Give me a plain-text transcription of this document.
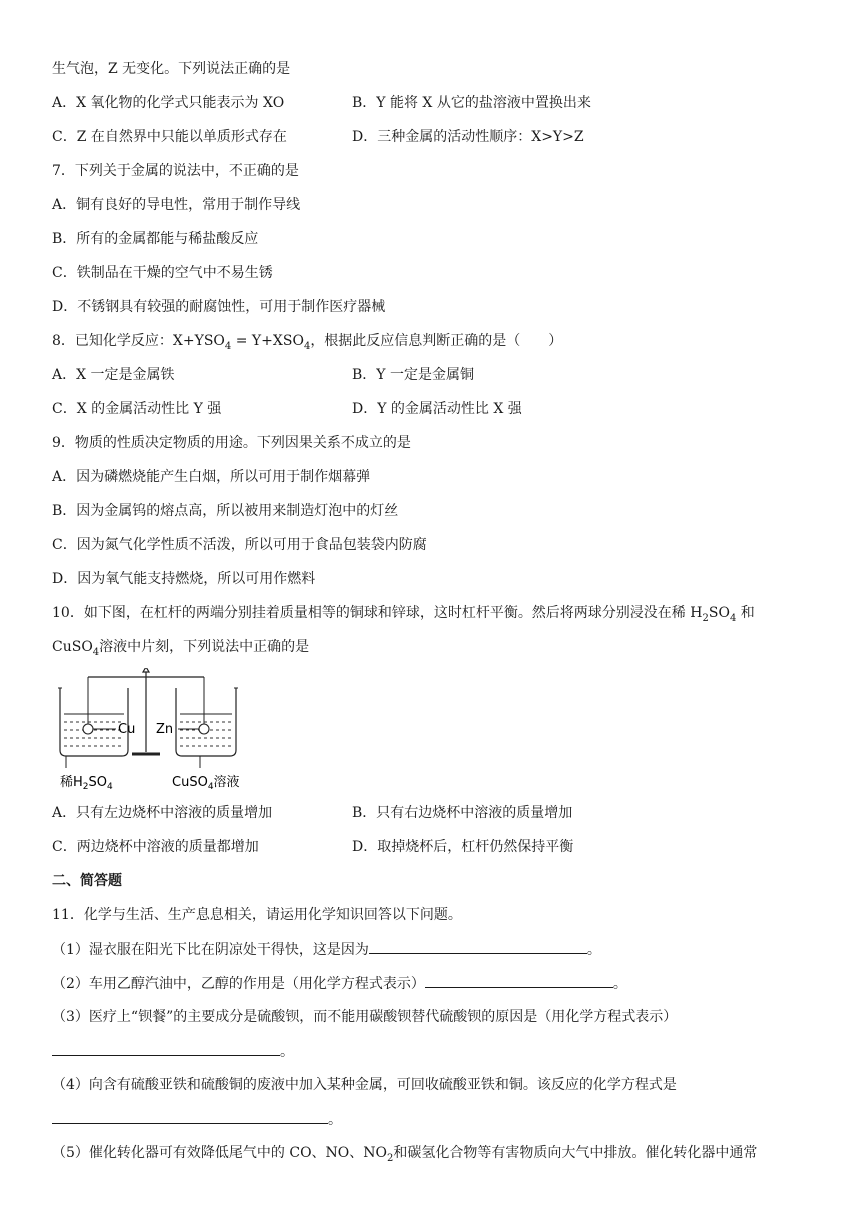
生气泡，Z 无变化。下列说法正确的是
A．X 氧化物的化学式只能表示为 XO	B．Y 能将 X 从它的盐溶液中置换出来
C．Z 在自然界中只能以单质形式存在	D．三种金属的活动性顺序：X>Y>Z
7．下列关于金属的说法中，不正确的是
A．铜有良好的导电性，常用于制作导线
B．所有的金属都能与稀盐酸反应
C．铁制品在干燥的空气中不易生锈
D．不锈钢具有较强的耐腐蚀性，可用于制作医疗器械
8．已知化学反应：$X+YSO_4 = Y+XSO_4$，根据此反应信息判断正确的是（　　）
A．X 一定是金属铁	B．Y 一定是金属铜
C．X 的金属活动性比 Y 强	D．Y 的金属活动性比 X 强
9．物质的性质决定物质的用途。下列因果关系不成立的是
A．因为磷燃烧能产生白烟，所以可用于制作烟幕弹
B．因为金属钨的熔点高，所以被用来制造灯泡中的灯丝
C．因为氮气化学性质不活泼，所以可用于食品包装袋内防腐
D．因为氧气能支持燃烧，所以可用作燃料
10．如下图，在杠杆的两端分别挂着质量相等的铜球和锌球，这时杠杆平衡。然后将两球分别浸没在稀 $H_2SO_4$ 和
CuSO$_4$溶液中片刻，下列说法中正确的是
Cu
稀$H_2SO_4$
Zn
CuSO$_4$溶液
A．只有左边烧杯中溶液的质量增加	B．只有右边烧杯中溶液的质量增加
C．两边烧杯中溶液的质量都增加	D．取掉烧杯后，杠杆仍然保持平衡
二、简答题
11．化学与生活、生产息息相关，请运用化学知识回答以下问题。
（1）湿衣服在阳光下比在阴凉处干得快，这是因为	。
（2）车用乙醇汽油中，乙醇的作用是（用化学方程式表示）	。
（3）医疗上“钡餐”的主要成分是硫酸钡，而不能用碳酸钡替代硫酸钡的原因是（用化学方程式表示）
。
（4）向含有硫酸亚铁和硫酸铜的废液中加入某种金属，可回收硫酸亚铁和铜。该反应的化学方程式是
。
（5）催化转化器可有效降低尾气中的 CO、NO、$NO_2$和碳氢化合物等有害物质向大气中排放。催化转化器中通常
